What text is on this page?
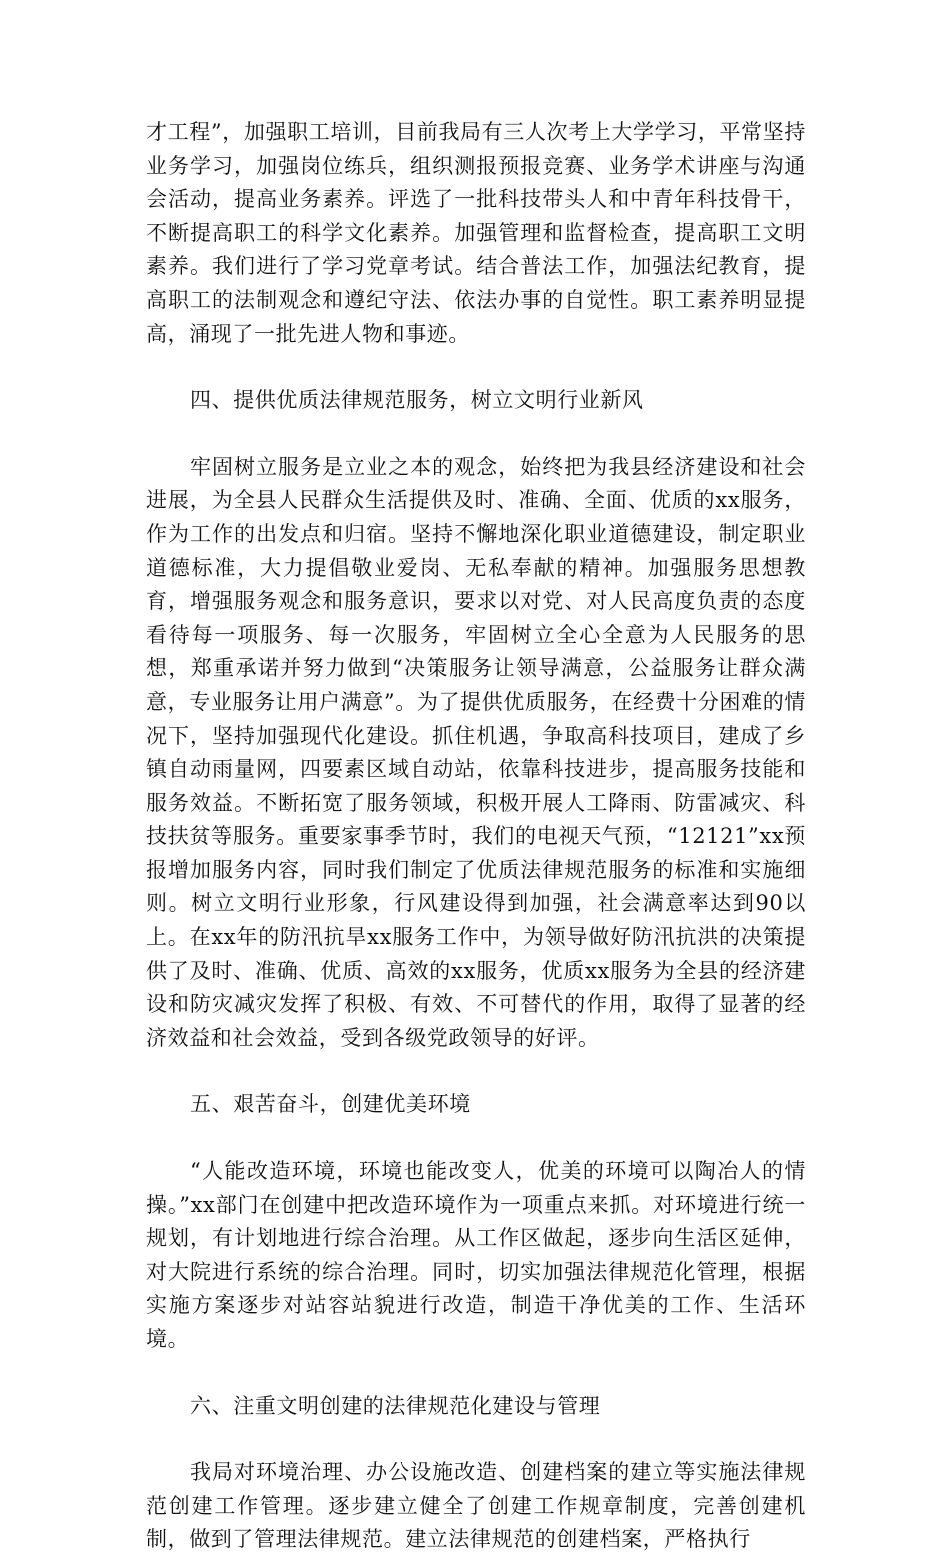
才工程”，加强职工培训，目前我局有三人次考上大学学习，平常坚持业务学习，加强岗位练兵，组织测报预报竞赛、业务学术讲座与沟通会活动，提高业务素养。评选了一批科技带头人和中青年科技骨干，不断提高职工的科学文化素养。加强管理和监督检查，提高职工文明素养。我们进行了学习党章考试。结合普法工作，加强法纪教育，提高职工的法制观念和遵纪守法、依法办事的自觉性。职工素养明显提高，涌现了一批先进人物和事迹。

四、提供优质法律规范服务，树立文明行业新风

牢固树立服务是立业之本的观念，始终把为我县经济建设和社会进展，为全县人民群众生活提供及时、准确、全面、优质的xx服务，作为工作的出发点和归宿。坚持不懈地深化职业道德建设，制定职业道德标准，大力提倡敬业爱岗、无私奉献的精神。加强服务思想教育，增强服务观念和服务意识，要求以对党、对人民高度负责的态度看待每一项服务、每一次服务，牢固树立全心全意为人民服务的思想，郑重承诺并努力做到“决策服务让领导满意，公益服务让群众满意，专业服务让用户满意”。为了提供优质服务，在经费十分困难的情况下，坚持加强现代化建设。抓住机遇，争取高科技项目，建成了乡镇自动雨量网，四要素区域自动站，依靠科技进步，提高服务技能和服务效益。不断拓宽了服务领域，积极开展人工降雨、防雷减灾、科技扶贫等服务。重要家事季节时，我们的电视天气预，“12121”xx预报增加服务内容，同时我们制定了优质法律规范服务的标准和实施细则。树立文明行业形象，行风建设得到加强，社会满意率达到90以上。在xx年的防汛抗旱xx服务工作中，为领导做好防汛抗洪的决策提供了及时、准确、优质、高效的xx服务，优质xx服务为全县的经济建设和防灾减灾发挥了积极、有效、不可替代的作用，取得了显著的经济效益和社会效益，受到各级党政领导的好评。

五、艰苦奋斗，创建优美环境

“人能改造环境，环境也能改变人，优美的环境可以陶冶人的情操。”xx部门在创建中把改造环境作为一项重点来抓。对环境进行统一规划，有计划地进行综合治理。从工作区做起，逐步向生活区延伸，对大院进行系统的综合治理。同时，切实加强法律规范化管理，根据实施方案逐步对站容站貌进行改造，制造干净优美的工作、生活环境。

六、注重文明创建的法律规范化建设与管理

我局对环境治理、办公设施改造、创建档案的建立等实施法律规范创建工作管理。逐步建立健全了创建工作规章制度，完善创建机制，做到了管理法律规范。建立法律规范的创建档案，严格执行
